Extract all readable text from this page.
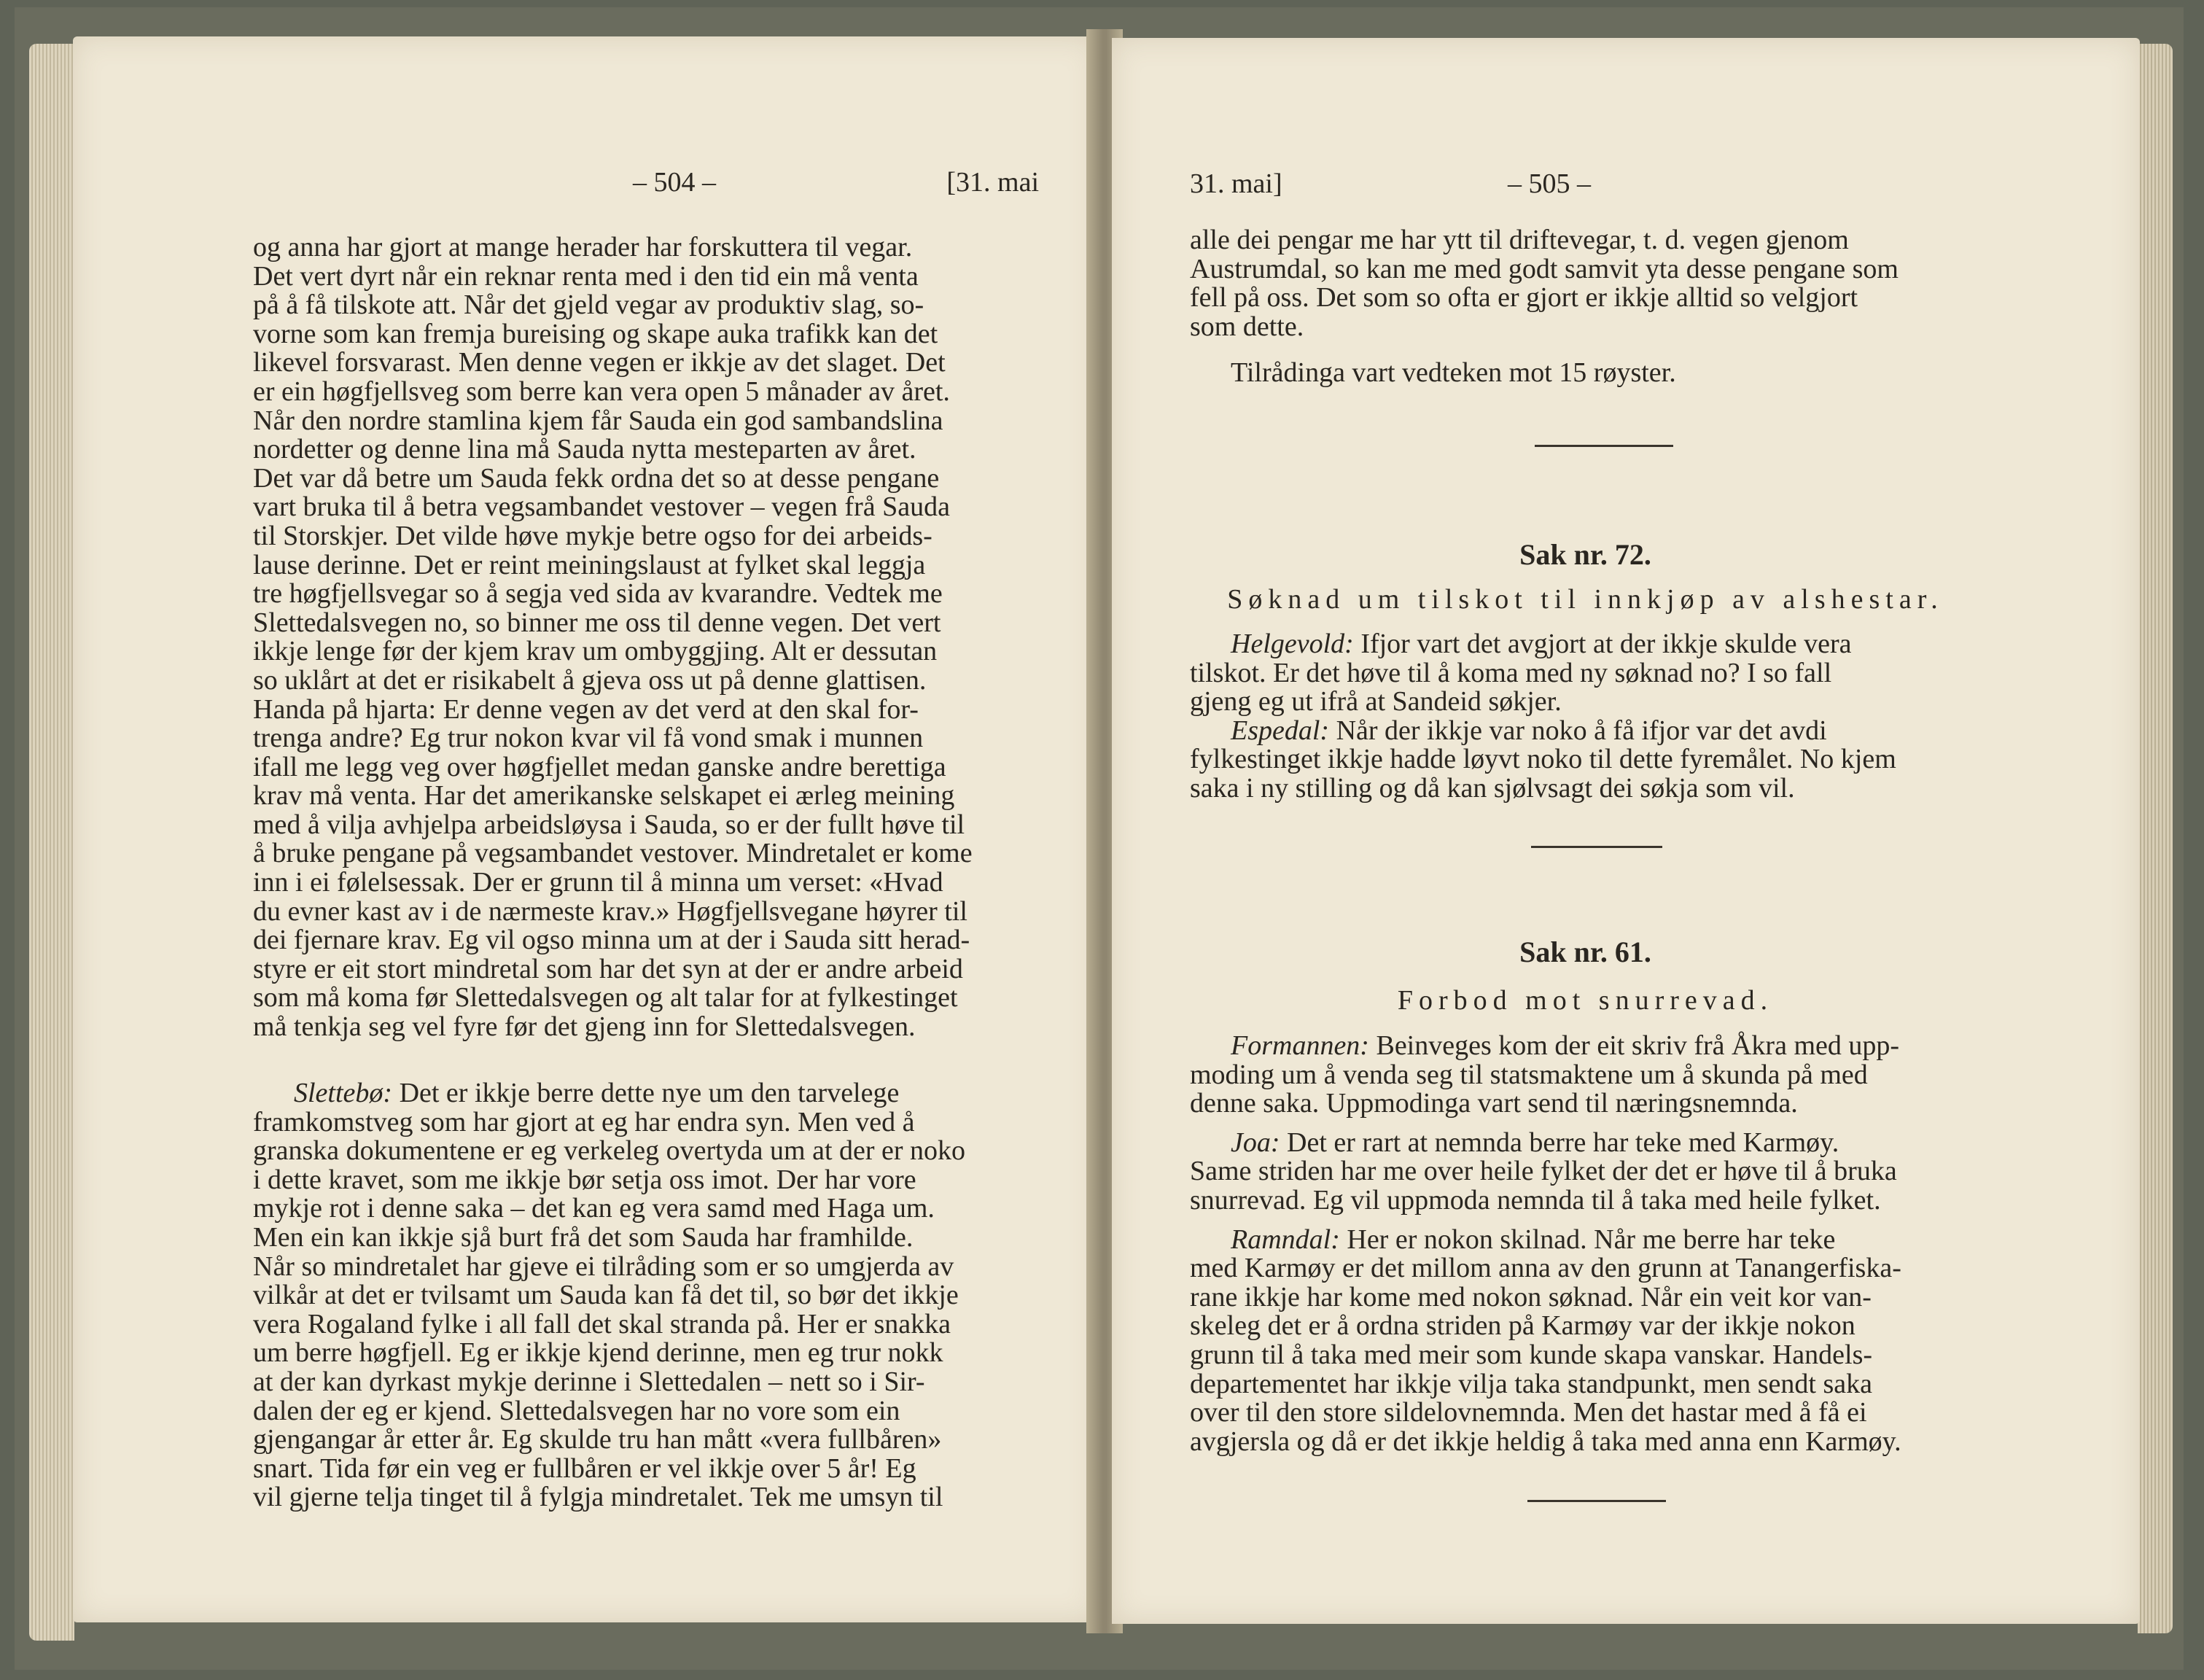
– 504 –	[31. mai

og anna har gjort at mange herader har forskuttera til vegar.

Det vert dyrt når ein reknar renta med i den tid ein må venta

på å få tilskote att. Når det gjeld vegar av produktiv slag, so-

vorne som kan fremja bureising og skape auka trafikk kan det

likevel forsvarast. Men denne vegen er ikkje av det slaget. Det

er ein høgfjellsveg som berre kan vera open 5 månader av året.

Når den nordre stamlina kjem får Sauda ein god sambandslina

nordetter og denne lina må Sauda nytta mesteparten av året.

Det var då betre um Sauda fekk ordna det so at desse pengane

vart bruka til å betra vegsambandet vestover – vegen frå Sauda

til Storskjer. Det vilde høve mykje betre ogso for dei arbeids-

lause derinne. Det er reint meiningslaust at fylket skal leggja

tre høgfjellsvegar so å segja ved sida av kvarandre. Vedtek me

Slettedalsvegen no, so binner me oss til denne vegen. Det vert

ikkje lenge før der kjem krav um ombyggjing. Alt er dessutan

so uklårt at det er risikabelt å gjeva oss ut på denne glattisen.

Handa på hjarta: Er denne vegen av det verd at den skal for-

trenga andre? Eg trur nokon kvar vil få vond smak i munnen

ifall me legg veg over høgfjellet medan ganske andre berettiga

krav må venta. Har det amerikanske selskapet ei ærleg meining

med å vilja avhjelpa arbeidsløysa i Sauda, so er der fullt høve til

å bruke pengane på vegsambandet vestover. Mindretalet er kome

inn i ei følelsessak. Der er grunn til å minna um verset: «Hvad

du evner kast av i de nærmeste krav.» Høgfjellsvegane høyrer til

dei fjernare krav. Eg vil ogso minna um at der i Sauda sitt herad-

styre er eit stort mindretal som har det syn at der er andre arbeid

som må koma før Slettedalsvegen og alt talar for at fylkestinget

må tenkja seg vel fyre før det gjeng inn for Slettedalsvegen.

Slettebø: Det er ikkje berre dette nye um den tarvelege

framkomstveg som har gjort at eg har endra syn. Men ved å

granska dokumentene er eg verkeleg overtyda um at der er noko

i dette kravet, som me ikkje bør setja oss imot. Der har vore

mykje rot i denne saka – det kan eg vera samd med Haga um.

Men ein kan ikkje sjå burt frå det som Sauda har framhilde.

Når so mindretalet har gjeve ei tilråding som er so umgjerda av

vilkår at det er tvilsamt um Sauda kan få det til, so bør det ikkje

vera Rogaland fylke i all fall det skal stranda på. Her er snakka

um berre høgfjell. Eg er ikkje kjend derinne, men eg trur nokk

at der kan dyrkast mykje derinne i Slettedalen – nett so i Sir-

dalen der eg er kjend. Slettedalsvegen har no vore som ein

gjengangar år etter år. Eg skulde tru han mått «vera fullbåren»

snart. Tida før ein veg er fullbåren er vel ikkje over 5 år! Eg

vil gjerne telja tinget til å fylgja mindretalet. Tek me umsyn til

31. mai]	– 505 –

alle dei pengar me har ytt til driftevegar, t. d. vegen gjenom

Austrumdal, so kan me med godt samvit yta desse pengane som

fell på oss. Det som so ofta er gjort er ikkje alltid so velgjort

som dette.

Tilrådinga vart vedteken mot 15 røyster.

Sak nr. 72.
Søknad um tilskot til innkjøp av alshestar.

Helgevold: Ifjor vart det avgjort at der ikkje skulde vera

tilskot. Er det høve til å koma med ny søknad no? I so fall

gjeng eg ut ifrå at Sandeid søkjer.

Espedal: Når der ikkje var noko å få ifjor var det avdi

fylkestinget ikkje hadde løyvt noko til dette fyremålet. No kjem

saka i ny stilling og då kan sjølvsagt dei søkja som vil.

Sak nr. 61.
Forbod mot snurrevad.

Formannen: Beinveges kom der eit skriv frå Åkra med upp-

moding um å venda seg til statsmaktene um å skunda på med

denne saka. Uppmodinga vart send til næringsnemnda.

Joa: Det er rart at nemnda berre har teke med Karmøy.

Same striden har me over heile fylket der det er høve til å bruka

snurrevad. Eg vil uppmoda nemnda til å taka med heile fylket.

Ramndal: Her er nokon skilnad. Når me berre har teke

med Karmøy er det millom anna av den grunn at Tanangerfiska-

rane ikkje har kome med nokon søknad. Når ein veit kor van-

skeleg det er å ordna striden på Karmøy var der ikkje nokon

grunn til å taka med meir som kunde skapa vanskar. Handels-

departementet har ikkje vilja taka standpunkt, men sendt saka

over til den store sildelovnemnda. Men det hastar med å få ei

avgjersla og då er det ikkje heldig å taka med anna enn Karmøy.
